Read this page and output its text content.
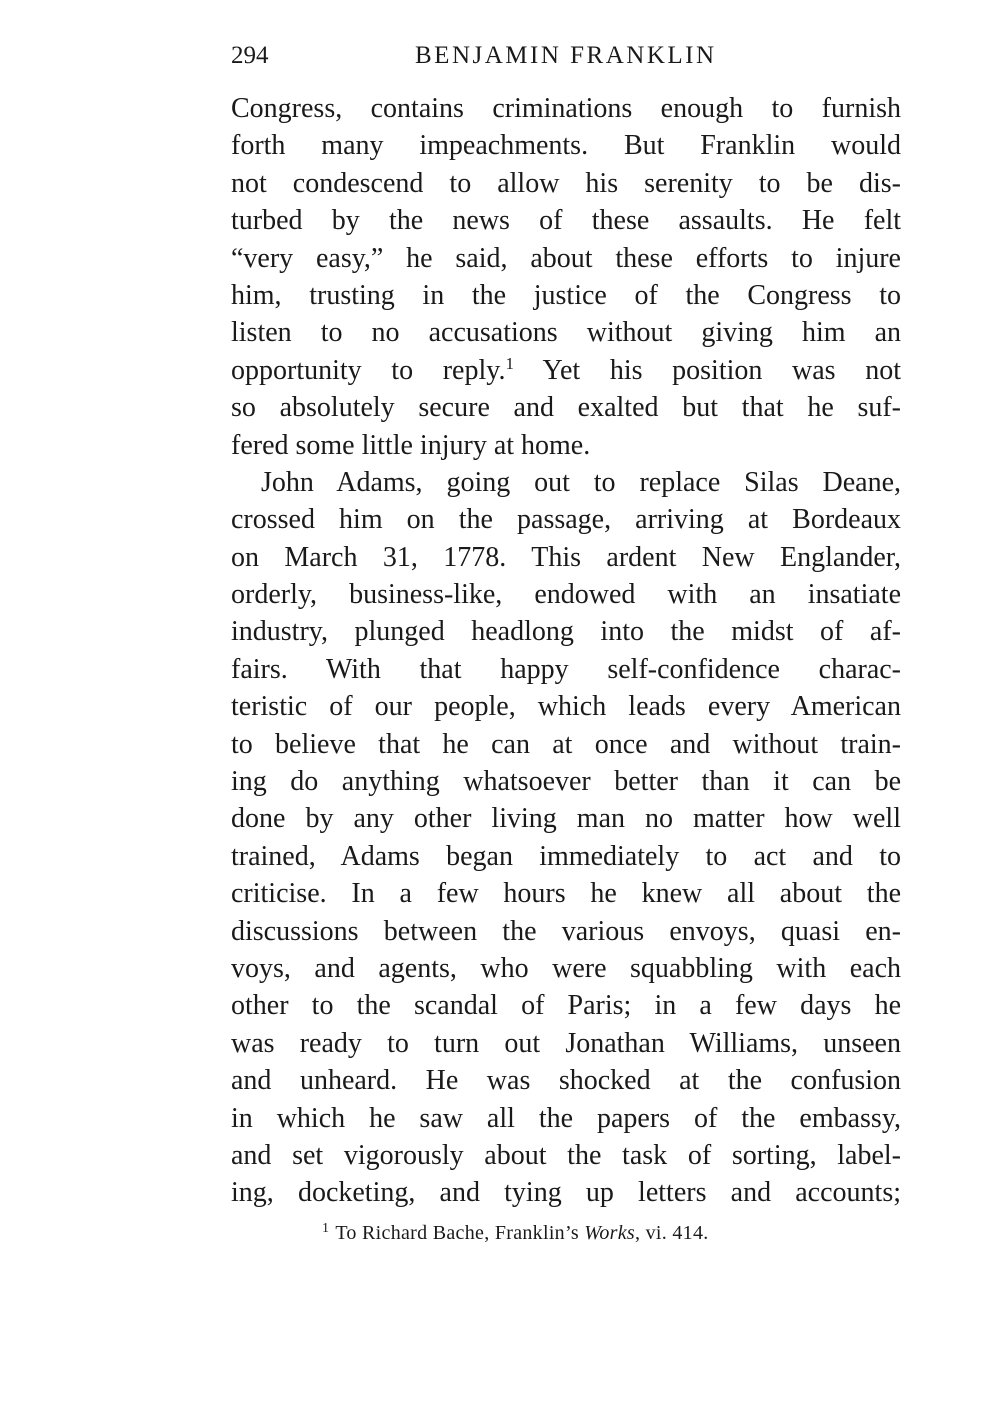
294	BENJAMIN FRANKLIN
Congress, contains criminations enough to furnish
forth many impeachments. But Franklin would
not condescend to allow his serenity to be dis-
turbed by the news of these assaults. He felt
“very easy,” he said, about these efforts to injure
him, trusting in the justice of the Congress to
listen to no accusations without giving him an
opportunity to reply.$^1$ Yet his position was not
so absolutely secure and exalted but that he suf-
fered some little injury at home.
John Adams, going out to replace Silas Deane,
crossed him on the passage, arriving at Bordeaux
on March 31, 1778. This ardent New Englander,
orderly, business-like, endowed with an insatiate
industry, plunged headlong into the midst of af-
fairs. With that happy self-confidence charac-
teristic of our people, which leads every American
to believe that he can at once and without train-
ing do anything whatsoever better than it can be
done by any other living man no matter how well
trained, Adams began immediately to act and to
criticise. In a few hours he knew all about the
discussions between the various envoys, quasi en-
voys, and agents, who were squabbling with each
other to the scandal of Paris; in a few days he
was ready to turn out Jonathan Williams, unseen
and unheard. He was shocked at the confusion
in which he saw all the papers of the embassy,
and set vigorously about the task of sorting, label-
ing, docketing, and tying up letters and accounts;
$^1$ To Richard Bache, Franklin’s Works, vi. 414.
